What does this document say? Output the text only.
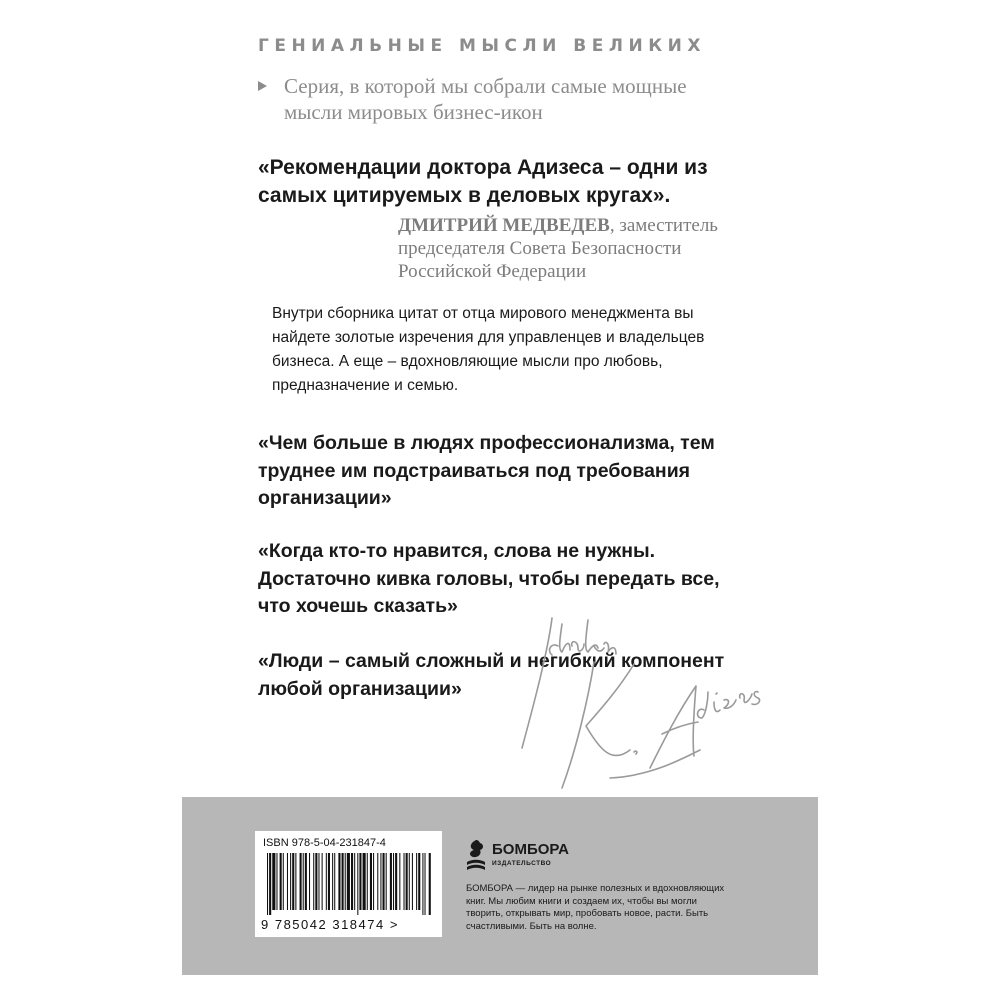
ГЕНИАЛЬНЫЕ МЫСЛИ ВЕЛИКИХ
Серия, в которой мы собрали самые мощные мысли мировых бизнес-икон
«Рекомендации доктора Адизеса – одни из самых цитируемых в деловых кругах».
ДМИТРИЙ МЕДВЕДЕВ, заместитель председателя Совета Безопасности Российской Федерации
Внутри сборника цитат от отца мирового менеджмента вы найдете золотые изречения для управленцев и владельцев бизнеса. А еще – вдохновляющие мысли про любовь, предназначение и семью.
«Чем больше в людях профессионализма, тем труднее им подстраиваться под требования организации»
«Когда кто-то нравится, слова не нужны. Достаточно кивка головы, чтобы передать все, что хочешь сказать»
«Люди – самый сложный и негибкий компонент любой организации»
ISBN 978-5-04-231847-4
9 785042 318474 >
БОМБОРА
ИЗДАТЕЛЬСТВО
БОМБОРА — лидер на рынке полезных и вдохновляющих книг. Мы любим книги и создаем их, чтобы вы могли творить, открывать мир, пробовать новое, расти. Быть счастливыми. Быть на волне.
